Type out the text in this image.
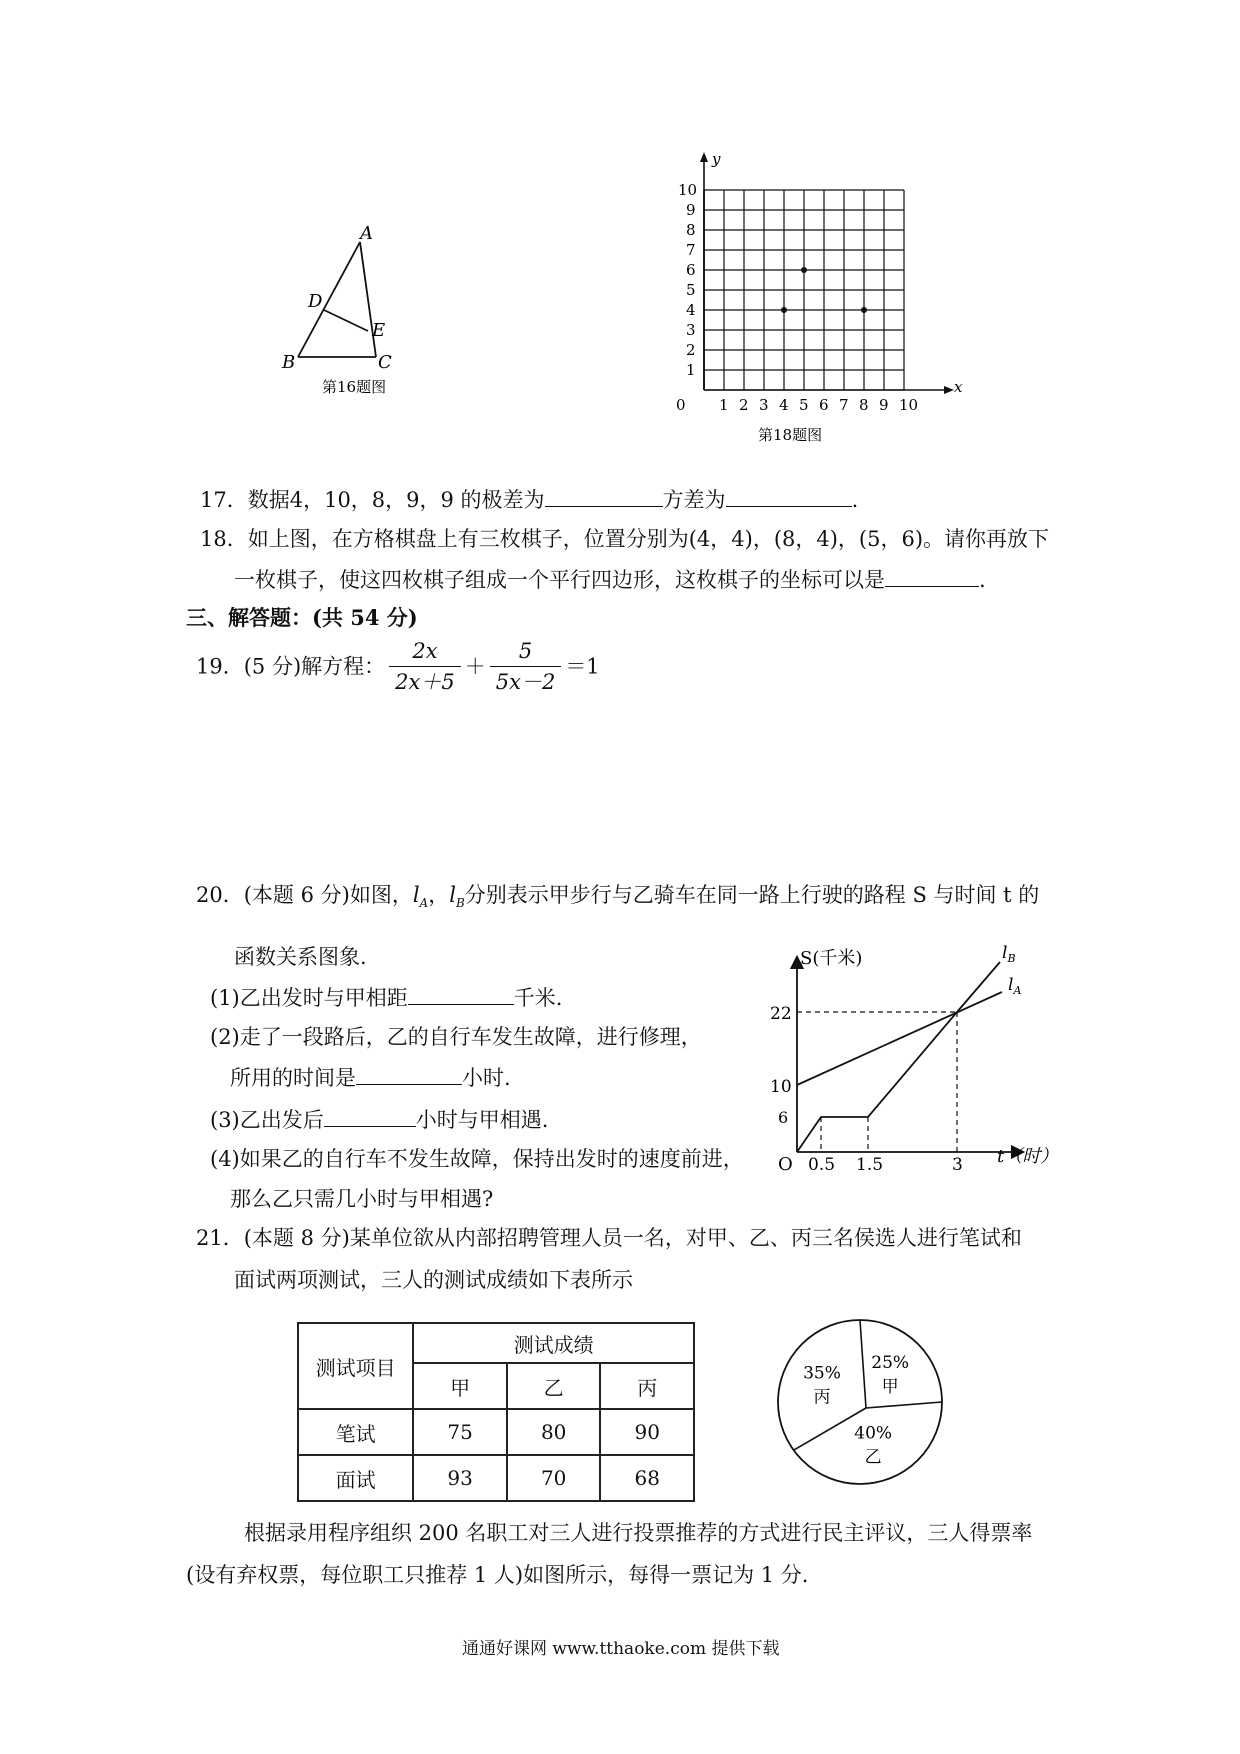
A
B	C
D
E
第16题图	x
y
0 1 2 3 4 5 6 7 8 9 10
1
2
3
4
5
6
7
8
9
10
第18题图
17．数据4，10，8，9，9 的极差为	方差为	.
18．如上图，在方格棋盘上有三枚棋子，位置分别为(4，4)，(8，4)，(5，6)。请你再放下
一枚棋子，使这四枚棋子组成一个平行四边形，这枚棋子的坐标可以是	.
三、解答题：(共 54 分)
19．(5 分)解方程： $\frac{2x}{2x+5} + \frac{5}{5x-2} =1$
20．(本题 6 分)如图，$l_A$，$l_B$分别表示甲步行与乙骑车在同一路上行驶的路程 S 与时间 t 的
函数关系图象.
(1)乙出发时与甲相距	千米.
(2)走了一段路后，乙的自行车发生故障，进行修理，
所用的时间是	小时.
(3)乙出发后	小时与甲相遇.
(4)如果乙的自行车不发生故障，保持出发时的速度前进，
那么乙只需几小时与甲相遇?
S(千米)
t（时）
O 0.5 1.5	3
6
10
22
$l_B$
$l_A$
21．(本题 8 分)某单位欲从内部招聘管理人员一名，对甲、乙、丙三名侯选人进行笔试和
面试两项测试，三人的测试成绩如下表所示
测试项目	测试成绩		
	甲	乙	丙
笔试	75	80	90
面试	93	70	68
25%
甲
40%
乙
35%
丙
根据录用程序组织 200 名职工对三人进行投票推荐的方式进行民主评议，三人得票率
(设有弃权票，每位职工只推荐 1 人)如图所示，每得一票记为 1 分.
通通好课网 www.tthaoke.com 提供下载
